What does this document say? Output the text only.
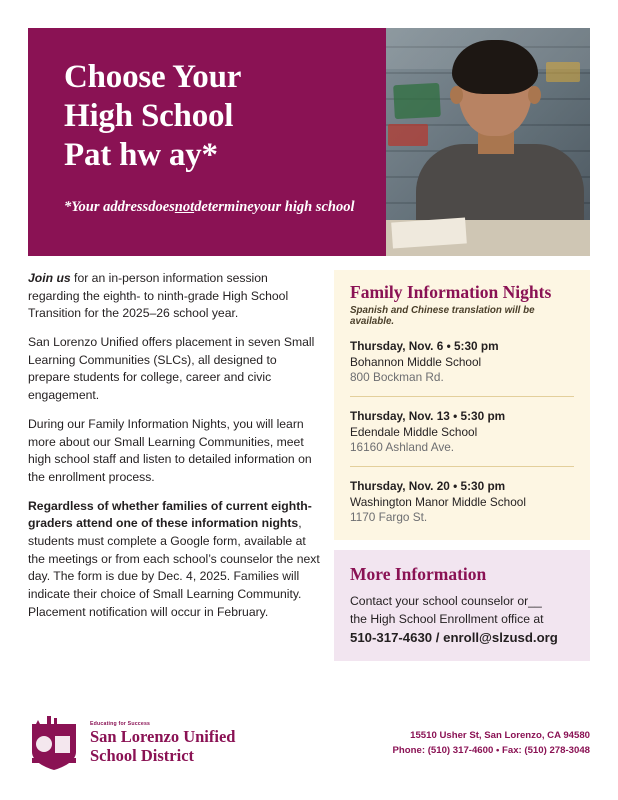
Choose Your
High School
Pat hw ay*

*Your addressdoesnotdetermineyour high school

Join us for an in-person information session regarding the eighth- to ninth-grade High School Transition for the 2025–26 school year.

San Lorenzo Unified offers placement in seven Small Learning Communities (SLCs), all designed to prepare students for college, career and civic engagement.

During our Family Information Nights, you will learn more about our Small Learning Communities, meet high school staff and listen to detailed information on the enrollment process.

Regardless of whether families of current eighth-graders attend one of these information nights, students must complete a Google form, available at the meetings or from each school’s counselor the next day. The form is due by Dec. 4, 2025. Families will indicate their choice of Small Learning Community. Placement notification will occur in February.

Family Information Nights

Spanish and Chinese translation will be available.

Thursday, Nov. 6 • 5:30 pm

Bohannon Middle School

800 Bockman Rd.

Thursday, Nov. 13 • 5:30 pm

Edendale Middle School

16160 Ashland Ave.

Thursday, Nov. 20 • 5:30 pm

Washington Manor Middle School

1170 Fargo St.

More Information

Contact your school counselor or__

the High School Enrollment office at

510-317-4630 / enroll@slzusd.org

Educating for Success
San Lorenzo Unified
School District
15510 Usher St, San Lorenzo, CA 94580
Phone: (510) 317-4600 • Fax: (510) 278-3048
